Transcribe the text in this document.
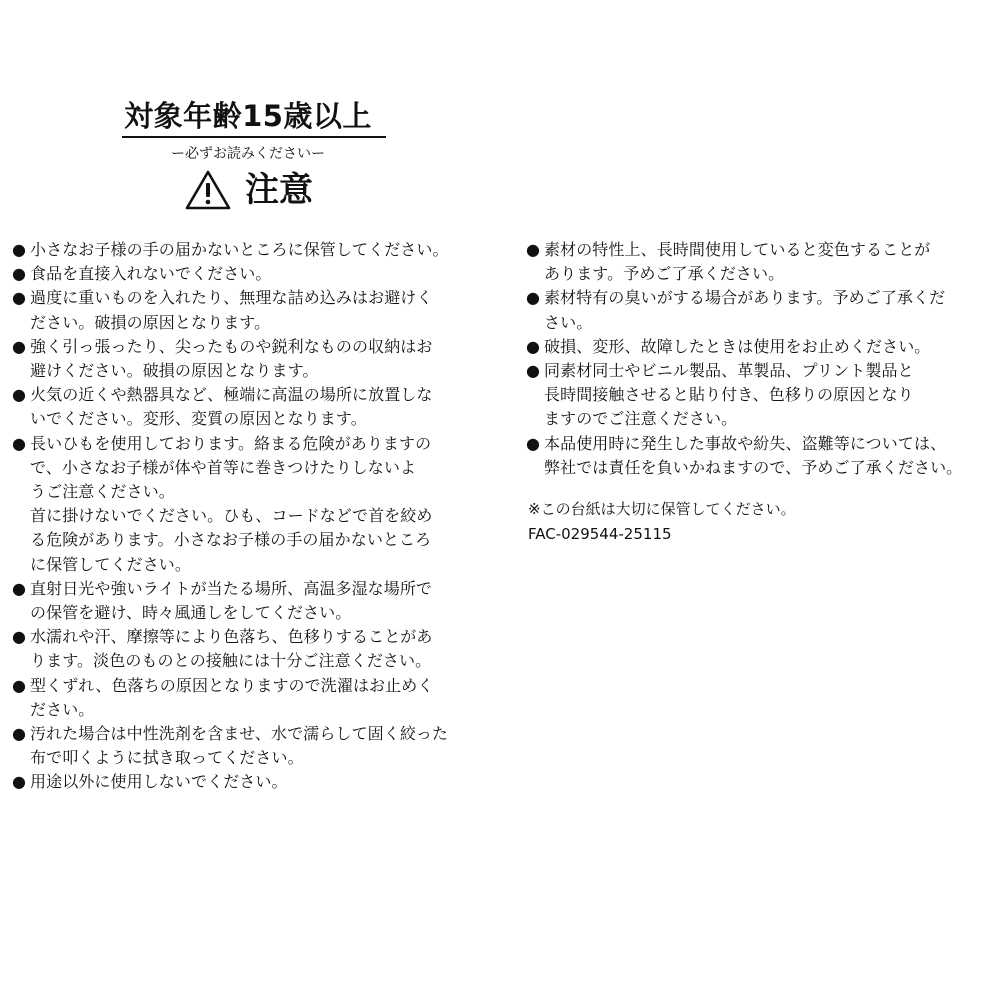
対象年齢15歳以上
ー必ずお読みくださいー
注意
● 小さなお子様の手の届かないところに保管してください。

● 食品を直接入れないでください。

● 過度に重いものを入れたり、無理な詰め込みはお避けく

ださい。破損の原因となります。

● 強く引っ張ったり、尖ったものや鋭利なものの収納はお

避けください。破損の原因となります。

● 火気の近くや熱器具など、極端に高温の場所に放置しな

いでください。変形、変質の原因となります。

● 長いひもを使用しております。絡まる危険がありますの

で、小さなお子様が体や首等に巻きつけたりしないよ

うご注意ください。

首に掛けないでください。ひも、コードなどで首を絞め

る危険があります。小さなお子様の手の届かないところ

に保管してください。

● 直射日光や強いライトが当たる場所、高温多湿な場所で

の保管を避け、時々風通しをしてください。

● 水濡れや汗、摩擦等により色落ち、色移りすることがあ

ります。淡色のものとの接触には十分ご注意ください。

● 型くずれ、色落ちの原因となりますので洗濯はお止めく

ださい。

● 汚れた場合は中性洗剤を含ませ、水で濡らして固く絞った

布で叩くように拭き取ってください。

● 用途以外に使用しないでください。

● 素材の特性上、長時間使用していると変色することが

あります。予めご了承ください。

● 素材特有の臭いがする場合があります。予めご了承くだ

さい。

● 破損、変形、故障したときは使用をお止めください。

● 同素材同士やビニル製品、革製品、プリント製品と

長時間接触させると貼り付き、色移りの原因となり

ますのでご注意ください。

● 本品使用時に発生した事故や紛失、盗難等については、

弊社では責任を負いかねますので、予めご了承ください。

※この台紙は大切に保管してください。

FAC-029544-25115
